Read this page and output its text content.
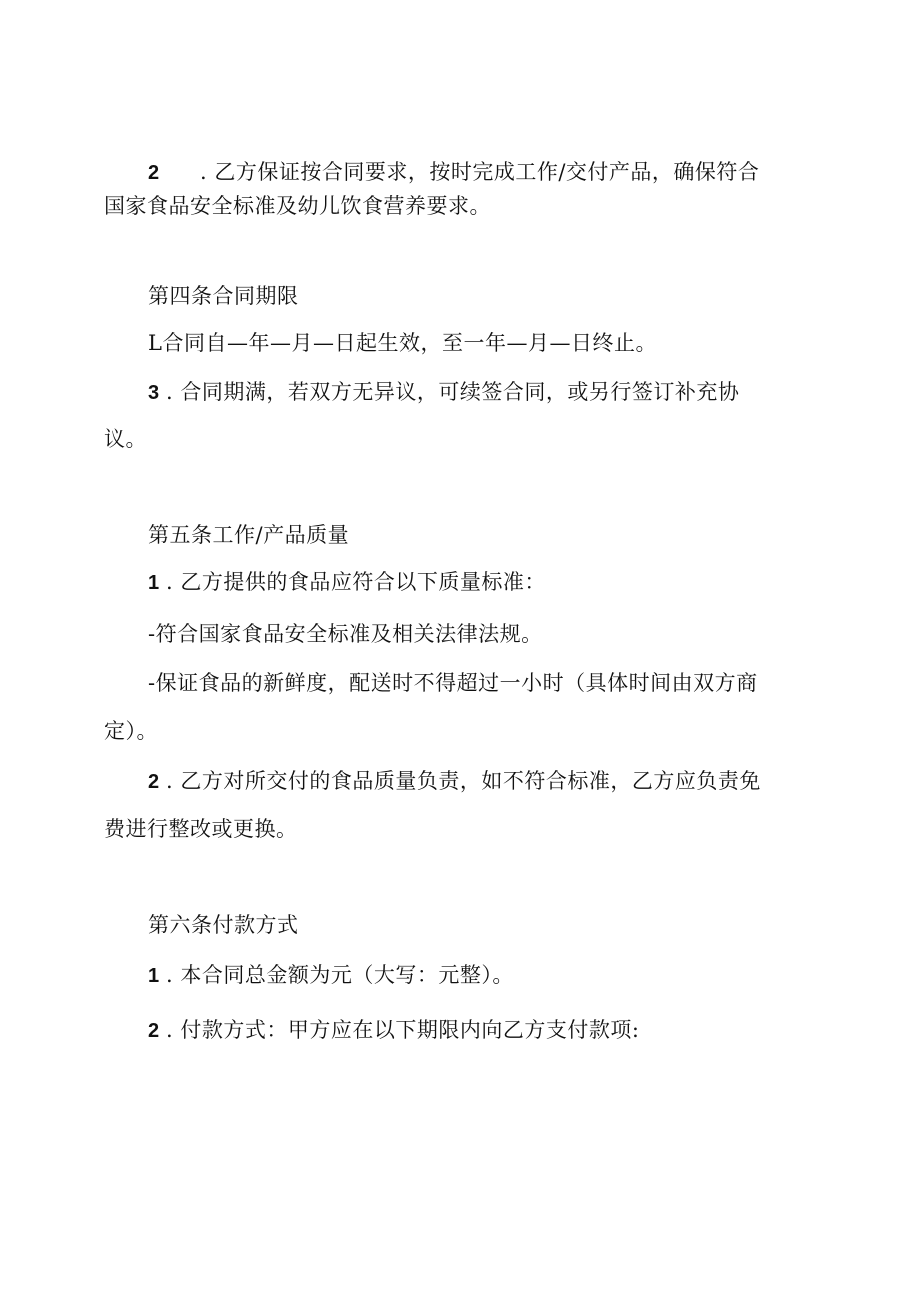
2 . 乙方保证按合同要求，按时完成工作/交付产品，确保符合
国家食品安全标准及幼儿饮食营养要求。
第四条合同期限
L合同自—年—月—日起生效，至一年—月—日终止。
3 . 合同期满，若双方无异议，可续签合同，或另行签订补充协
议。
第五条工作/产品质量
1 . 乙方提供的食品应符合以下质量标准：
-符合国家食品安全标准及相关法律法规。
-保证食品的新鲜度，配送时不得超过一小时（具体时间由双方商
定）。
2 . 乙方对所交付的食品质量负责，如不符合标准，乙方应负责免
费进行整改或更换。
第六条付款方式
1 . 本合同总金额为元（大写：元整）。
2 . 付款方式：甲方应在以下期限内向乙方支付款项:
